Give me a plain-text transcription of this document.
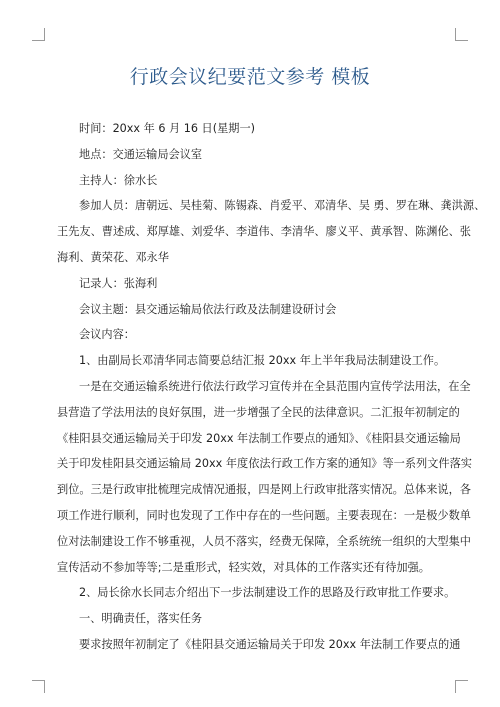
行政会议纪要范文参考 模板
时间：20xx 年 6 月 16 日(星期一)
地点：交通运输局会议室
主持人：徐水长
参加人员：唐朝远、吴桂菊、陈锡森、肖爱平、邓清华、吴 勇、罗在琳、龚洪源、
王先友、曹述成、郑厚雄、刘爱华、李道伟、李清华、廖义平、黄承智、陈渊伦、张
海利、黄荣花、邓永华
记录人：张海利
会议主题：县交通运输局依法行政及法制建设研讨会
会议内容：
1、由副局长邓清华同志简要总结汇报 20xx 年上半年我局法制建设工作。
一是在交通运输系统进行依法行政学习宣传并在全县范围内宣传学法用法，在全
县营造了学法用法的良好氛围，进一步增强了全民的法律意识。二汇报年初制定的
《桂阳县交通运输局关于印发 20xx 年法制工作要点的通知》、《桂阳县交通运输局
关于印发桂阳县交通运输局 20xx 年度依法行政工作方案的通知》等一系列文件落实
到位。三是行政审批梳理完成情况通报，四是网上行政审批落实情况。总体来说，各
项工作进行顺利，同时也发现了工作中存在的一些问题。主要表现在：一是极少数单
位对法制建设工作不够重视，人员不落实，经费无保障，全系统统一组织的大型集中
宣传活动不参加等等;二是重形式，轻实效，对具体的工作落实还有待加强。
2、局长徐水长同志介绍出下一步法制建设工作的思路及行政审批工作要求。
一、明确责任，落实任务
要求按照年初制定了《桂阳县交通运输局关于印发 20xx 年法制工作要点的通
